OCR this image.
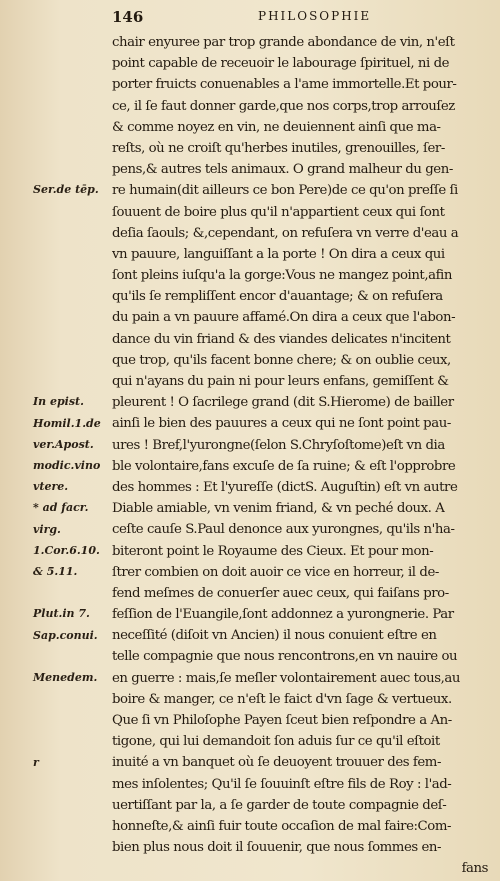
146	PHILOSOPHIE
Ser.de tēp.
In epist.
Homil.1.de
ver.Apost.
modic.vino
vtere.
* ad facr.
virg.
1.Cor.6.10.
& 5.11.
Plut.in 7.
Sap.conui.
Menedem.
r
chair enyuree par trop grande abondance de vin, n'eſt
point capable de receuoir le labourage ſpirituel, ni de
porter fruicts conuenables a l'ame immortelle.Et pour-
ce, il ſe faut donner garde,que nos corps,trop arrouſez
& comme noyez en vin, ne deuiennent ainſi que ma-
reſts, où ne croiſt qu'herbes inutiles, grenouilles, ſer-
pens,& autres tels animaux. O grand malheur du gen-
re humain(dit ailleurs ce bon Pere)de ce qu'on preſſe ſi
ſouuent de boire plus qu'il n'appartient ceux qui ſont
deſia ſaouls; &,cependant, on refuſera vn verre d'eau a
vn pauure, languiſſant a la porte ! On dira a ceux qui
ſont pleins iuſqu'a la gorge:Vous ne mangez point,afin
qu'ils ſe rempliſſent encor d'auantage; & on refuſera
du pain a vn pauure affamé.On dira a ceux que l'abon-
dance du vin friand & des viandes delicates n'incitent
que trop, qu'ils facent bonne chere; & on oublie ceux,
qui n'ayans du pain ni pour leurs enfans, gemiſſent &
pleurent ! O ſacrilege grand (dit S.Hierome) de bailler
ainſi le bien des pauures a ceux qui ne ſont point pau-
ures ! Bref,l'yurongne(ſelon S.Chryſoſtome)eſt vn dia
ble volontaire,fans excuſe de ſa ruine; & eſt l'opprobre
des hommes : Et l'yureſſe (dictS. Auguſtin) eſt vn autre
Diable amiable, vn venim friand, & vn peché doux. A
ceſte cauſe S.Paul denonce aux yurongnes, qu'ils n'ha-
biteront point le Royaume des Cieux. Et pour mon-
ſtrer combien on doit auoir ce vice en horreur, il de-
fend meſmes de conuerſer auec ceux, qui faiſans pro-
feſſion de l'Euangile,ſont addonnez a yurongnerie. Par
neceſſité (diſoit vn Ancien) il nous conuient eſtre en
telle compagnie que nous rencontrons,en vn nauire ou
en guerre : mais,ſe meſler volontairement auec tous,au
boire & manger, ce n'eſt le faict d'vn ſage & vertueux.
Que ſi vn Philoſophe Payen ſceut bien reſpondre a An-
tigone, qui lui demandoit ſon aduis ſur ce qu'il eſtoit
inuité a vn banquet où ſe deuoyent trouuer des fem-
mes inſolentes; Qu'il ſe ſouuinſt eſtre fils de Roy : l'ad-
uertiſſant par la, a ſe garder de toute compagnie deſ-
honneſte,& ainſi fuir toute occaſion de mal faire:Com-
bien plus nous doit il ſouuenir, que nous ſommes en-
fans
